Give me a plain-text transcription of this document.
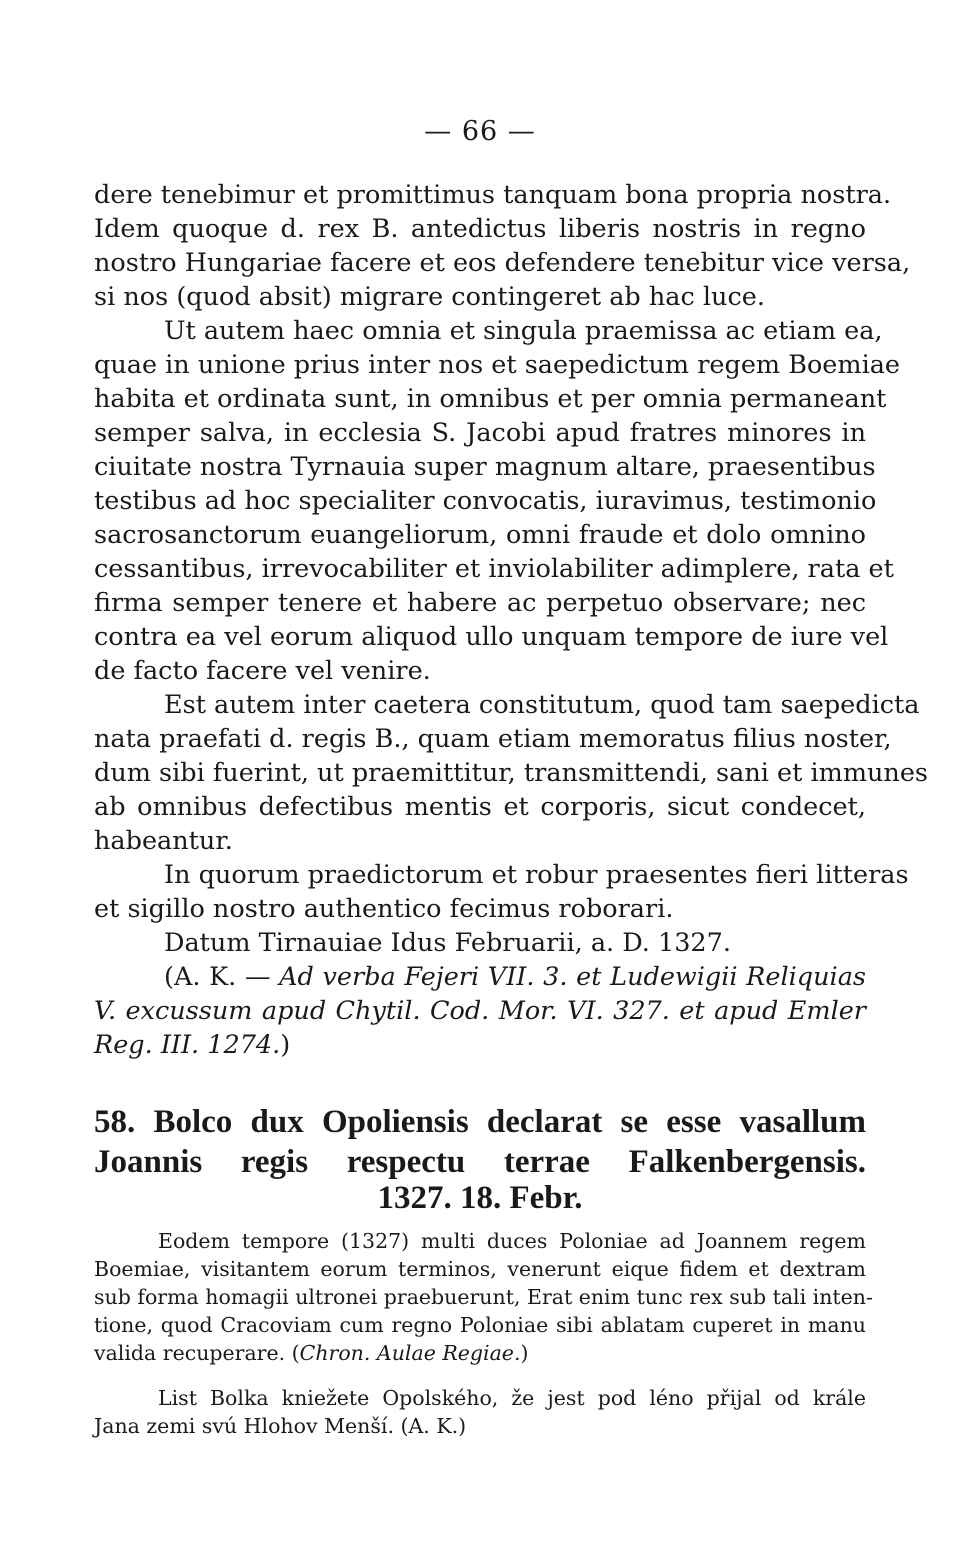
— 66 —
dere tenebimur et promittimus tanquam bona propria nostra.
Idem quoque d. rex B. antedictus liberis nostris in regno
nostro Hungariae facere et eos defendere tenebitur vice versa,
si nos (quod absit) migrare contingeret ab hac luce.
Ut autem haec omnia et singula praemissa ac etiam ea,
quae in unione prius inter nos et saepedictum regem Boemiae
habita et ordinata sunt, in omnibus et per omnia permaneant
semper salva, in ecclesia S. Jacobi apud fratres minores in
ciuitate nostra Tyrnauia super magnum altare, praesentibus
testibus ad hoc specialiter convocatis, iuravimus, testimonio
sacrosanctorum euangeliorum, omni fraude et dolo omnino
cessantibus, irrevocabiliter et inviolabiliter adimplere, rata et
firma semper tenere et habere ac perpetuo observare; nec
contra ea vel eorum aliquod ullo unquam tempore de iure vel
de facto facere vel venire.
Est autem inter caetera constitutum, quod tam saepedicta
nata praefati d. regis B., quam etiam memoratus filius noster,
dum sibi fuerint, ut praemittitur, transmittendi, sani et immunes
ab omnibus defectibus mentis et corporis, sicut condecet,
habeantur.
In quorum praedictorum et robur praesentes fieri litteras
et sigillo nostro authentico fecimus roborari.
Datum Tirnauiae Idus Februarii, a. D. 1327.
(A. K. — Ad verba Fejeri VII. 3. et Ludewigii Reliquias
V. excussum apud Chytil. Cod. Mor. VI. 327. et apud Emler
Reg. III. 1274.)
58. Bolco dux Opoliensis declarat se esse vasallum
Joannis regis respectu terrae Falkenbergensis.
1327. 18. Febr.
Eodem tempore (1327) multi duces Poloniae ad Joannem regem
Boemiae, visitantem eorum terminos, venerunt eique fidem et dextram
sub forma homagii ultronei praebuerunt, Erat enim tunc rex sub tali inten-
tione, quod Cracoviam cum regno Poloniae sibi ablatam cuperet in manu
valida recuperare. (Chron. Aulae Regiae.)
List Bolka kniežete Opolského, že jest pod léno přijal od krále
Jana zemi svú Hlohov Menší. (A. K.)
